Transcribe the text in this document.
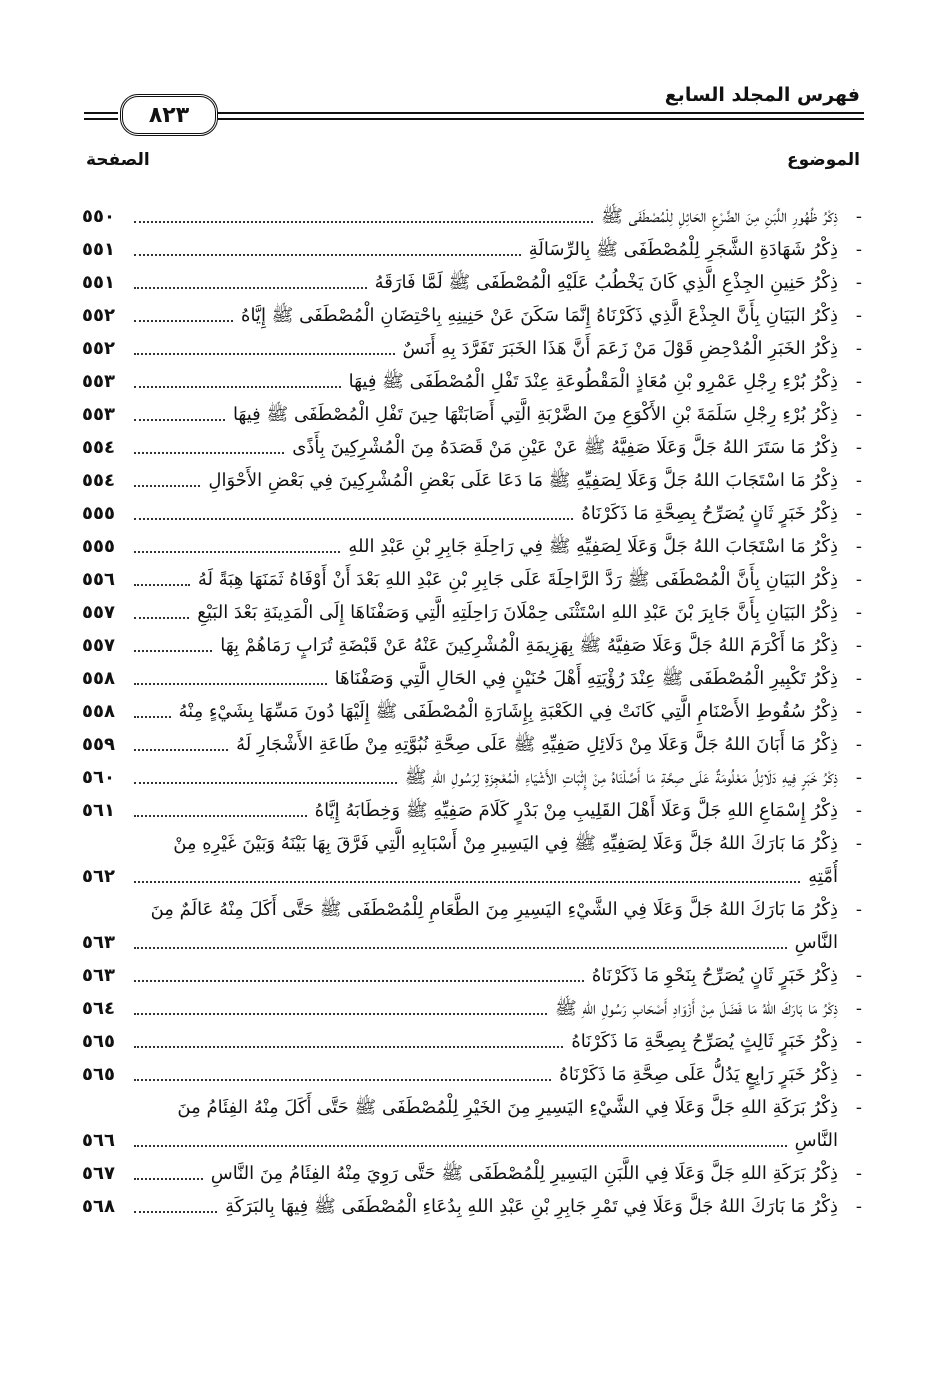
فهرس المجلد السابع
٨٢٣
الموضوع
الصفحة
-
ذِكْرُ ظُهُورِ اللَّبَنِ مِنَ الضَّرْعِ الحَائِلِ لِلْمُصْطَفَى ﷺ
٥٥٠
-
ذِكْرُ شَهَادَةِ الشَّجَرِ لِلْمُصْطَفَى ﷺ بِالرِّسَالَةِ
٥٥١
-
ذِكْرُ حَنِينِ الجِذْعِ الَّذِي كَانَ يَخْطُبُ عَلَيْهِ الْمُصْطَفَى ﷺ لَمَّا فَارَقَهُ
٥٥١
-
ذِكْرُ البَيَانِ بِأَنَّ الجِذْعَ الَّذِي ذَكَرْنَاهُ إِنَّمَا سَكَنَ عَنْ حَنِينِهِ بِاحْتِضَانِ الْمُصْطَفَى ﷺ إِيَّاهُ
٥٥٢
-
ذِكْرُ الخَبَرِ الْمُدْحِضِ قَوْلَ مَنْ زَعَمَ أَنَّ هَذَا الخَبَرَ تَفَرَّدَ بِهِ أَنَسٌ
٥٥٢
-
ذِكْرُ بُرْءِ رِجْلِ عَمْرِو بْنِ مُعَاذٍ الْمَقْطُوعَةِ عِنْدَ تَفْلِ الْمُصْطَفَى ﷺ فِيهَا
٥٥٣
-
ذِكْرُ بُرْءِ رِجْلِ سَلَمَةَ بْنِ الأَكْوَعِ مِنَ الضَّرْبَةِ الَّتِي أَصَابَتْهَا حِينَ تَفْلِ الْمُصْطَفَى ﷺ فِيهَا
٥٥٣
-
ذِكْرُ مَا سَتَرَ اللهُ جَلَّ وَعَلَا صَفِيَّهُ ﷺ عَنْ عَيْنِ مَنْ قَصَدَهُ مِنَ الْمُشْرِكِينَ بِأَذًى
٥٥٤
-
ذِكْرُ مَا اسْتَجَابَ اللهُ جَلَّ وَعَلَا لِصَفِيِّهِ ﷺ مَا دَعَا عَلَى بَعْضِ الْمُشْرِكِينَ فِي بَعْضِ الأَحْوَالِ
٥٥٤
-
ذِكْرُ خَبَرٍ ثَانٍ يُصَرِّحُ بِصِحَّةِ مَا ذَكَرْنَاهُ
٥٥٥
-
ذِكْرُ مَا اسْتَجَابَ اللهُ جَلَّ وَعَلَا لِصَفِيِّهِ ﷺ فِي رَاحِلَةِ جَابِرِ بْنِ عَبْدِ اللهِ
٥٥٥
-
ذِكْرُ البَيَانِ بِأَنَّ الْمُصْطَفَى ﷺ رَدَّ الرَّاحِلَةَ عَلَى جَابِرِ بْنِ عَبْدِ اللهِ بَعْدَ أَنْ أَوْفَاهُ ثَمَنَهَا هِبَةً لَهُ
٥٥٦
-
ذِكْرُ البَيَانِ بِأَنَّ جَابِرَ بْنَ عَبْدِ اللهِ اسْتَثْنَى حِمْلَانَ رَاحِلَتِهِ الَّتِي وَصَفْنَاهَا إِلَى الْمَدِينَةِ بَعْدَ البَيْعِ
٥٥٧
-
ذِكْرُ مَا أَكْرَمَ اللهُ جَلَّ وَعَلَا صَفِيَّهُ ﷺ بِهَزِيمَةِ الْمُشْرِكِينَ عَنْهُ عَنْ قَبْضَةِ تُرَابٍ رَمَاهُمْ بِهَا
٥٥٧
-
ذِكْرُ تَكْبِيرِ الْمُصْطَفَى ﷺ عِنْدَ رُؤْيَتِهِ أَهْلَ حُنَيْنٍ فِي الحَالِ الَّتِي وَصَفْنَاهَا
٥٥٨
-
ذِكْرُ سُقُوطِ الأَصْنَامِ الَّتِي كَانَتْ فِي الكَعْبَةِ بِإِشَارَةِ الْمُصْطَفَى ﷺ إِلَيْهَا دُونَ مَسِّهَا بِشَيْءٍ مِنْهُ
٥٥٨
-
ذِكْرُ مَا أَبَانَ اللهُ جَلَّ وَعَلَا مِنْ دَلَائِلِ صَفِيِّهِ ﷺ عَلَى صِحَّةِ نُبُوَّتِهِ مِنْ طَاعَةِ الأَشْجَارِ لَهُ
٥٥٩
-
ذِكْرُ خَبَرٍ فِيهِ دَلَائِلُ مَعْلُومَةٌ عَلَى صِحَّةِ مَا أَصَّلْنَاهُ مِنْ إِثْبَاتِ الأَشْيَاءِ الْمُعْجِزَةِ لِرَسُولِ اللهِ ﷺ
٥٦٠
-
ذِكْرُ إِسْمَاعِ اللهِ جَلَّ وَعَلَا أَهْلَ القَلِيبِ مِنْ بَدْرٍ كَلَامَ صَفِيِّهِ ﷺ وَخِطَابَهُ إِيَّاهُ
٥٦١
-
ذِكْرُ مَا بَارَكَ اللهُ جَلَّ وَعَلَا لِصَفِيِّهِ ﷺ فِي اليَسِيرِ مِنْ أَسْبَابِهِ الَّتِي فَرَّقَ بِهَا بَيْنَهُ وَبَيْنَ غَيْرِهِ مِنْ
أُمَّتِهِ
٥٦٢
-
ذِكْرُ مَا بَارَكَ اللهُ جَلَّ وَعَلَا فِي الشَّيْءِ اليَسِيرِ مِنَ الطَّعَامِ لِلْمُصْطَفَى ﷺ حَتَّى أَكَلَ مِنْهُ عَالَمٌ مِنَ
النَّاسِ
٥٦٣
-
ذِكْرُ خَبَرٍ ثَانٍ يُصَرِّحُ بِنَحْوِ مَا ذَكَرْنَاهُ
٥٦٣
-
ذِكْرُ مَا بَارَكَ اللهُ مَا فَضَلَ مِنْ أَزْوَادِ أَصْحَابِ رَسُولِ اللهِ ﷺ
٥٦٤
-
ذِكْرُ خَبَرٍ ثَالِثٍ يُصَرِّحُ بِصِحَّةِ مَا ذَكَرْنَاهُ
٥٦٥
-
ذِكْرُ خَبَرٍ رَابِعٍ يَدُلُّ عَلَى صِحَّةِ مَا ذَكَرْنَاهُ
٥٦٥
-
ذِكْرُ بَرَكَةِ اللهِ جَلَّ وَعَلَا فِي الشَّيْءِ اليَسِيرِ مِنَ الخَيْرِ لِلْمُصْطَفَى ﷺ حَتَّى أَكَلَ مِنْهُ الفِئَامُ مِنَ
النَّاسِ
٥٦٦
-
ذِكْرُ بَرَكَةِ اللهِ جَلَّ وَعَلَا فِي اللَّبَنِ اليَسِيرِ لِلْمُصْطَفَى ﷺ حَتَّى رَوِيَ مِنْهُ الفِئَامُ مِنَ النَّاسِ
٥٦٧
-
ذِكْرُ مَا بَارَكَ اللهُ جَلَّ وَعَلَا فِي تَمْرِ جَابِرِ بْنِ عَبْدِ اللهِ بِدُعَاءِ الْمُصْطَفَى ﷺ فِيهَا بِالبَرَكَةِ
٥٦٨
